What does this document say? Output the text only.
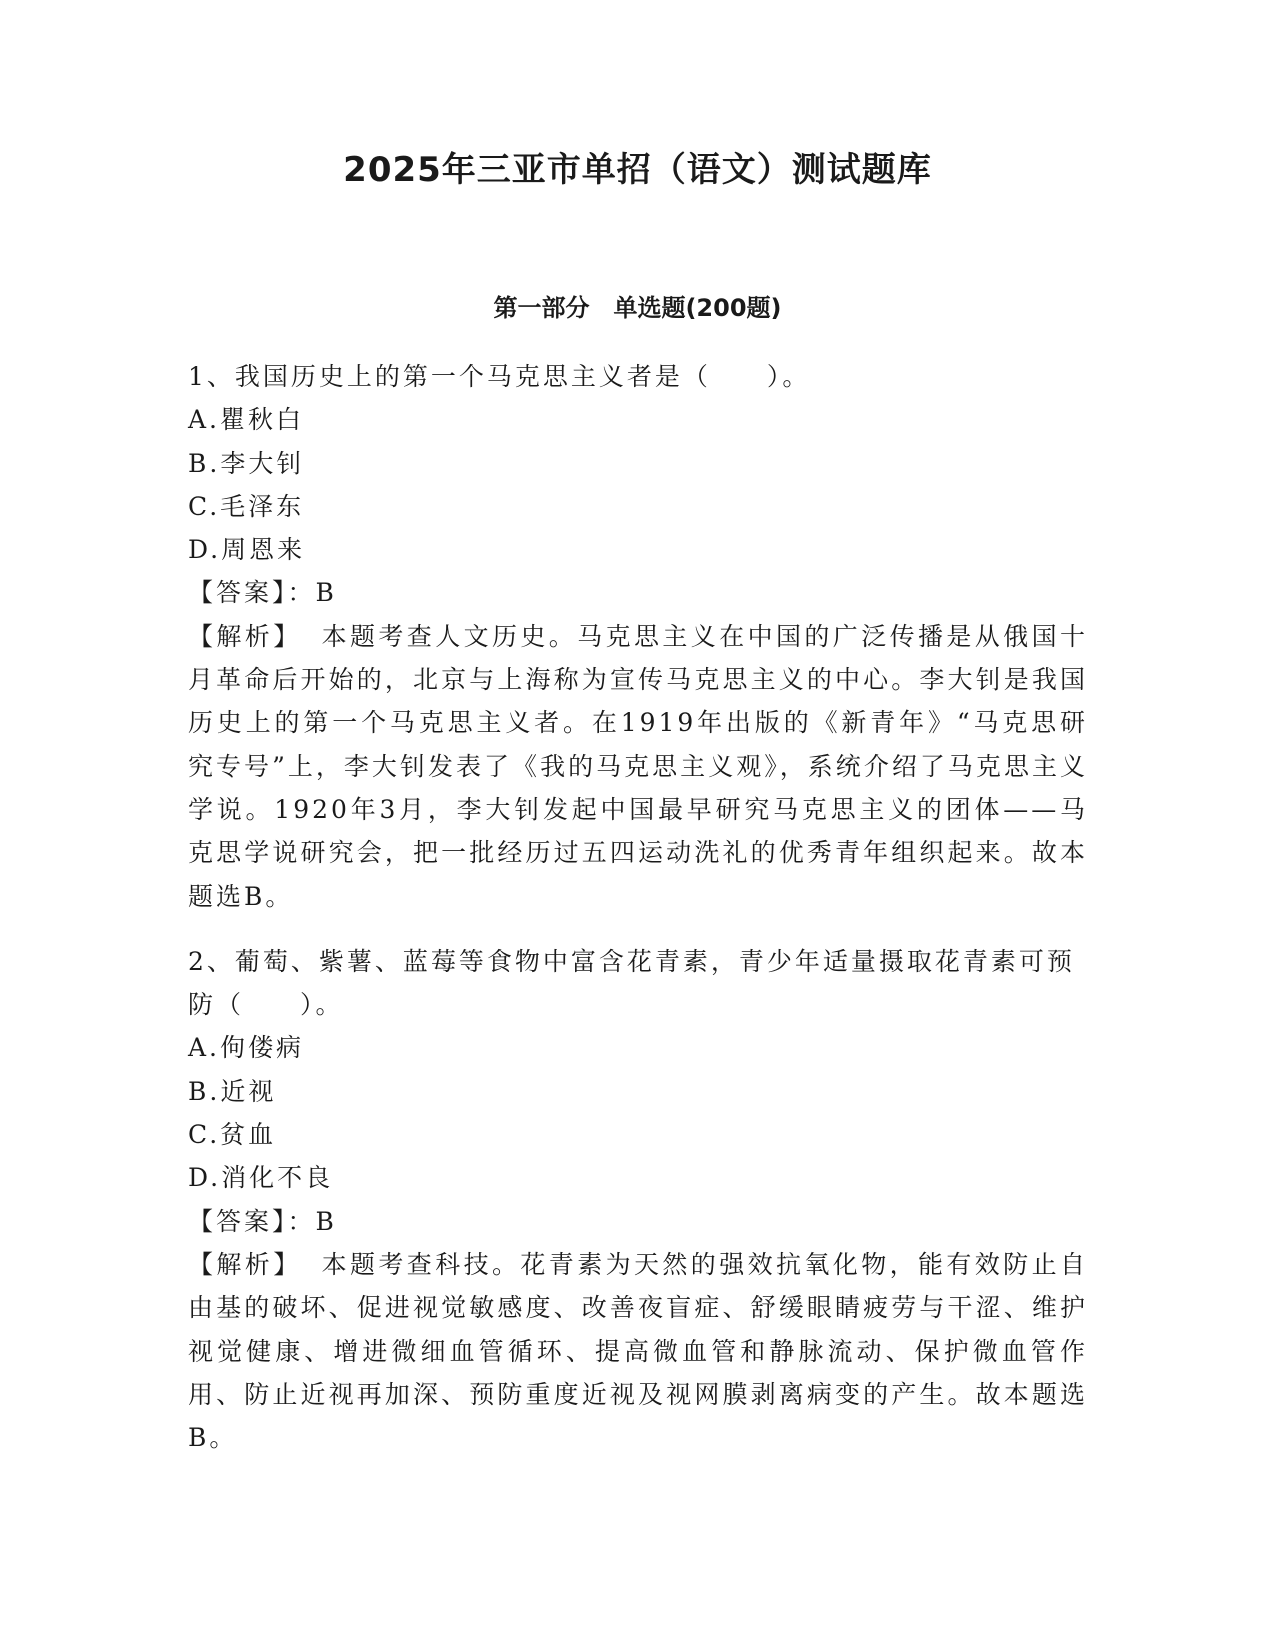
2025年三亚市单招（语文）测试题库
第一部分　单选题(200题)

1、我国历史上的第一个马克思主义者是（　　）。

A.瞿秋白

B.李大钊

C.毛泽东

D.周恩来

【答案】：B

【解析】 本题考查人文历史。马克思主义在中国的广泛传播是从俄国十月革命后开始的，北京与上海称为宣传马克思主义的中心。李大钊是我国历史上的第一个马克思主义者。在1919年出版的《新青年》“马克思研究专号”上，李大钊发表了《我的马克思主义观》，系统介绍了马克思主义学说。1920年3月，李大钊发起中国最早研究马克思主义的团体——马克思学说研究会，把一批经历过五四运动洗礼的优秀青年组织起来。故本题选B。

2、葡萄、紫薯、蓝莓等食物中富含花青素，青少年适量摄取花青素可预防（　　）。

A.佝偻病

B.近视

C.贫血

D.消化不良

【答案】：B

【解析】 本题考查科技。花青素为天然的强效抗氧化物，能有效防止自由基的破坏、促进视觉敏感度、改善夜盲症、舒缓眼睛疲劳与干涩、维护视觉健康、增进微细血管循环、提高微血管和静脉流动、保护微血管作用、防止近视再加深、预防重度近视及视网膜剥离病变的产生。故本题选B。
